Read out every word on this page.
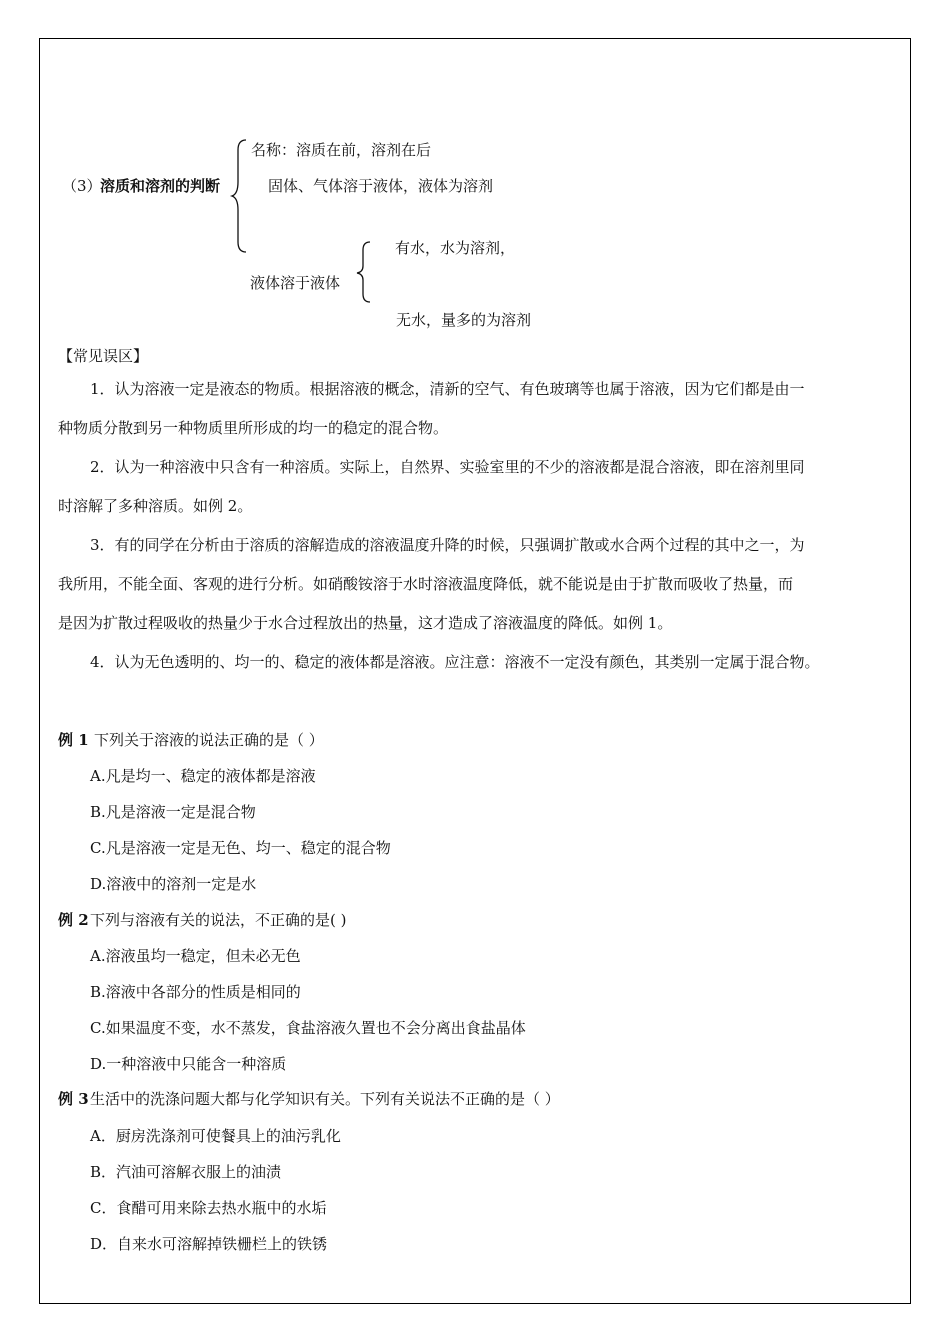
（3）
溶质和溶剂的判断
名称：溶质在前，溶剂在后
固体、气体溶于液体，液体为溶剂
液体溶于液体
有水，水为溶剂，
无水，量多的为溶剂
【常见误区】
1．认为溶液一定是液态的物质。根据溶液的概念，清新的空气、有色玻璃等也属于溶液，因为它们都是由一
种物质分散到另一种物质里所形成的均一的稳定的混合物。
2．认为一种溶液中只含有一种溶质。实际上，自然界、实验室里的不少的溶液都是混合溶液，即在溶剂里同
时溶解了多种溶质。如例 2。
3．有的同学在分析由于溶质的溶解造成的溶液温度升降的时候，只强调扩散或水合两个过程的其中之一，为
我所用，不能全面、客观的进行分析。如硝酸铵溶于水时溶液温度降低，就不能说是由于扩散而吸收了热量，而
是因为扩散过程吸收的热量少于水合过程放出的热量，这才造成了溶液温度的降低。如例 1。
4．认为无色透明的、均一的、稳定的液体都是溶液。应注意：溶液不一定没有颜色，其类别一定属于混合物。
例 1 下列关于溶液的说法正确的是（ ）
A.凡是均一、稳定的液体都是溶液
B.凡是溶液一定是混合物
C.凡是溶液一定是无色、均一、稳定的混合物
D.溶液中的溶剂一定是水
例 2 下列与溶液有关的说法，不正确的是( )
A.溶液虽均一稳定，但未必无色
B.溶液中各部分的性质是相同的
C.如果温度不变，水不蒸发，食盐溶液久置也不会分离出食盐晶体
D.一种溶液中只能含一种溶质
例 3 生活中的洗涤问题大都与化学知识有关。下列有关说法不正确的是（ ）
A．厨房洗涤剂可使餐具上的油污乳化
B．汽油可溶解衣服上的油渍
C．食醋可用来除去热水瓶中的水垢
D．自来水可溶解掉铁栅栏上的铁锈
